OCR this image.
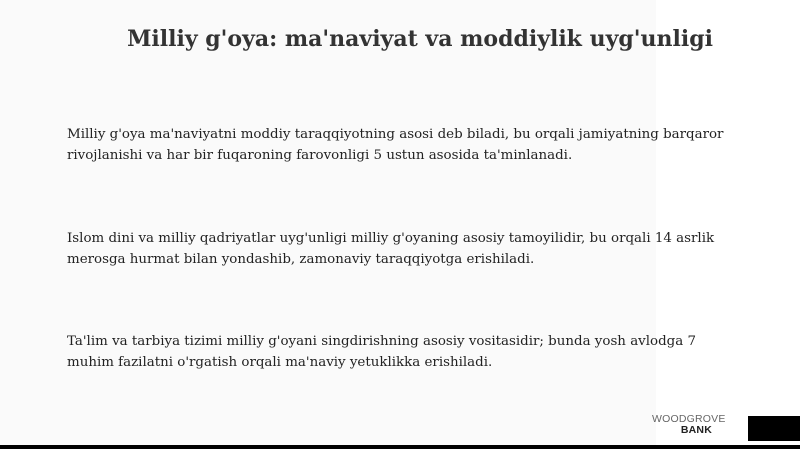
Milliy g'oya: ma'naviyat va moddiylik uyg'unligi

Milliy g'oya ma'naviyatni moddiy taraqqiyotning asosi deb biladi, bu orqali jamiyatning barqaror rivojlanishi va har bir fuqaroning farovonligi 5 ustun asosida ta'minlanadi.

Islom dini va milliy qadriyatlar uyg'unligi milliy g'oyaning asosiy tamoyilidir, bu orqali 14 asrlik merosga hurmat bilan yondashib, zamonaviy taraqqiyotga erishiladi.

Ta'lim va tarbiya tizimi milliy g'oyani singdirishning asosiy vositasidir; bunda yosh avlodga 7 muhim fazilatni o'rgatish orqali ma'naviy yetuklikka erishiladi.

WOODGROVE
BANK
